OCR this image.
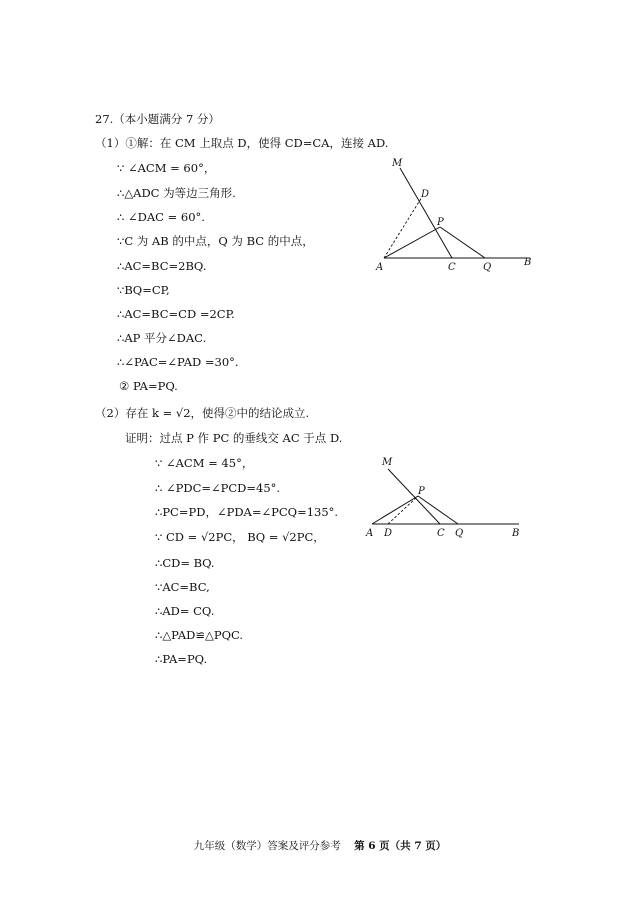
27.（本小题满分 7 分）
（1）①解：在 CM 上取点 D，使得 CD=CA，连接 AD.
∵ ∠ACM = 60°，
∴△ADC 为等边三角形.
∴ ∠DAC = 60°.
∵C 为 AB 的中点，Q 为 BC 的中点，
∴AC=BC=2BQ.
∵BQ=CP,
∴AC=BC=CD =2CP.
∴AP 平分∠DAC.
∴∠PAC=∠PAD =30°.
② PA=PQ.
（2）存在 k = √2，使得②中的结论成立.
证明：过点 P 作 PC 的垂线交 AC 于点 D.
∵ ∠ACM = 45°，
∴ ∠PDC=∠PCD=45°.
∴PC=PD，∠PDA=∠PCQ=135°.
∵ CD = √2PC， BQ = √2PC，
∴CD= BQ.
∵AC=BC,
∴AD= CQ.
∴△PAD≌△PQC.
∴PA=PQ.
M
D
P
A	C	Q	B
M
P
A D	C Q	B
九年级（数学）答案及评分参考 第 6 页（共 7 页）
